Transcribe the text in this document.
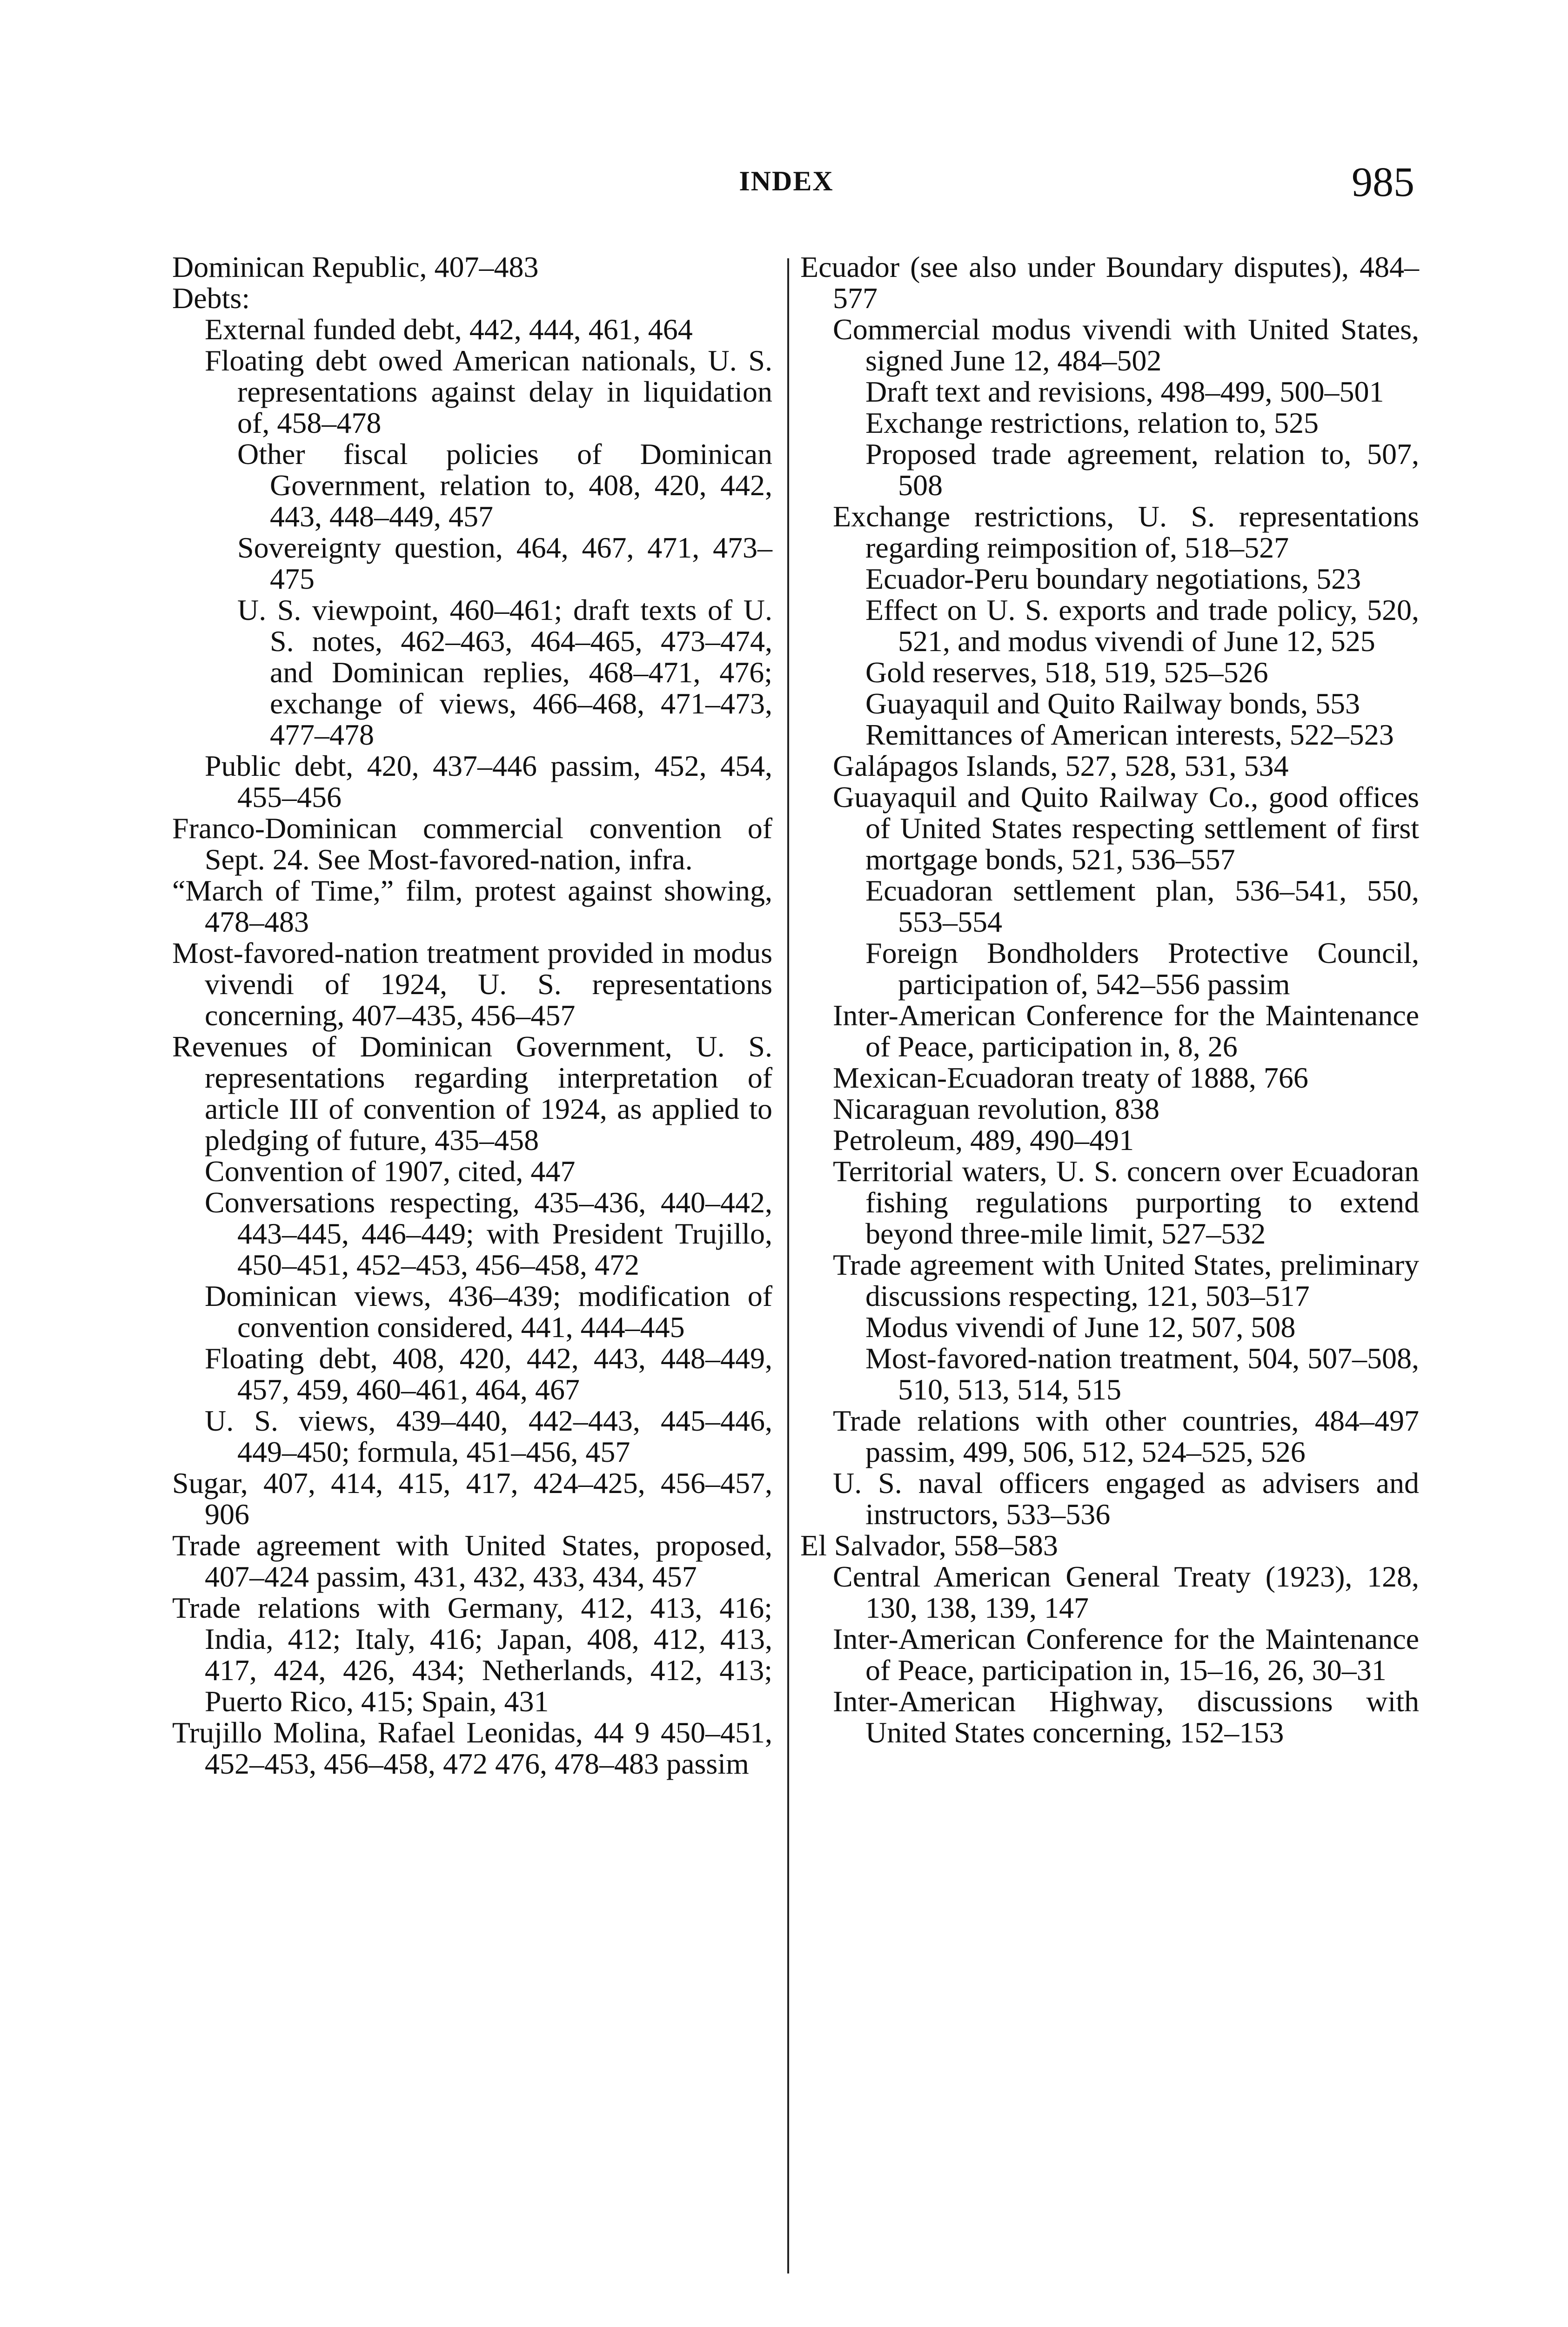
INDEX	985

Dominican Republic, 407–483

Debts:

External funded debt, 442, 444, 461, 464

Floating debt owed American nationals, U. S. representations against delay in liquidation of, 458–478

Other fiscal policies of Dominican Government, relation to, 408, 420, 442, 443, 448–449, 457

Sovereignty question, 464, 467, 471, 473–475

U. S. viewpoint, 460–461; draft texts of U. S. notes, 462–463, 464–465, 473–474, and Dominican replies, 468–471, 476; exchange of views, 466–468, 471–473, 477–478

Public debt, 420, 437–446 passim, 452, 454, 455–456

Franco-Dominican commercial convention of Sept. 24. See Most-favored-nation, infra.

“March of Time,” film, protest against showing, 478–483

Most-favored-nation treatment provided in modus vivendi of 1924, U. S. representations concerning, 407–435, 456–457

Revenues of Dominican Government, U. S. representations regarding interpretation of article III of convention of 1924, as applied to pledging of future, 435–458

Convention of 1907, cited, 447

Conversations respecting, 435–436, 440–442, 443–445, 446–449; with President Trujillo, 450–451, 452–453, 456–458, 472

Dominican views, 436–439; modification of convention considered, 441, 444–445

Floating debt, 408, 420, 442, 443, 448–449, 457, 459, 460–461, 464, 467

U. S. views, 439–440, 442–443, 445–446, 449–450; formula, 451–456, 457

Sugar, 407, 414, 415, 417, 424–425, 456–457, 906

Trade agreement with United States, proposed, 407–424 passim, 431, 432, 433, 434, 457

Trade relations with Germany, 412, 413, 416; India, 412; Italy, 416; Japan, 408, 412, 413, 417, 424, 426, 434; Netherlands, 412, 413; Puerto Rico, 415; Spain, 431

Trujillo Molina, Rafael Leonidas, 44 9 450–451, 452–453, 456–458, 472 476, 478–483 passim

Ecuador (see also under Boundary disputes), 484–577

Commercial modus vivendi with United States, signed June 12, 484–502

Draft text and revisions, 498–499, 500–501

Exchange restrictions, relation to, 525

Proposed trade agreement, relation to, 507, 508

Exchange restrictions, U. S. representations regarding reimposition of, 518–527

Ecuador-Peru boundary negotiations, 523

Effect on U. S. exports and trade policy, 520, 521, and modus vivendi of June 12, 525

Gold reserves, 518, 519, 525–526

Guayaquil and Quito Railway bonds, 553

Remittances of American interests, 522–523

Galápagos Islands, 527, 528, 531, 534

Guayaquil and Quito Railway Co., good offices of United States respecting settlement of first mortgage bonds, 521, 536–557

Ecuadoran settlement plan, 536–541, 550, 553–554

Foreign Bondholders Protective Council, participation of, 542–556 passim

Inter-American Conference for the Maintenance of Peace, participation in, 8, 26

Mexican-Ecuadoran treaty of 1888, 766

Nicaraguan revolution, 838

Petroleum, 489, 490–491

Territorial waters, U. S. concern over Ecuadoran fishing regulations purporting to extend beyond three-mile limit, 527–532

Trade agreement with United States, preliminary discussions respecting, 121, 503–517

Modus vivendi of June 12, 507, 508

Most-favored-nation treatment, 504, 507–508, 510, 513, 514, 515

Trade relations with other countries, 484–497 passim, 499, 506, 512, 524–525, 526

U. S. naval officers engaged as advisers and instructors, 533–536

El Salvador, 558–583

Central American General Treaty (1923), 128, 130, 138, 139, 147

Inter-American Conference for the Maintenance of Peace, participation in, 15–16, 26, 30–31

Inter-American Highway, discussions with United States concerning, 152–153
